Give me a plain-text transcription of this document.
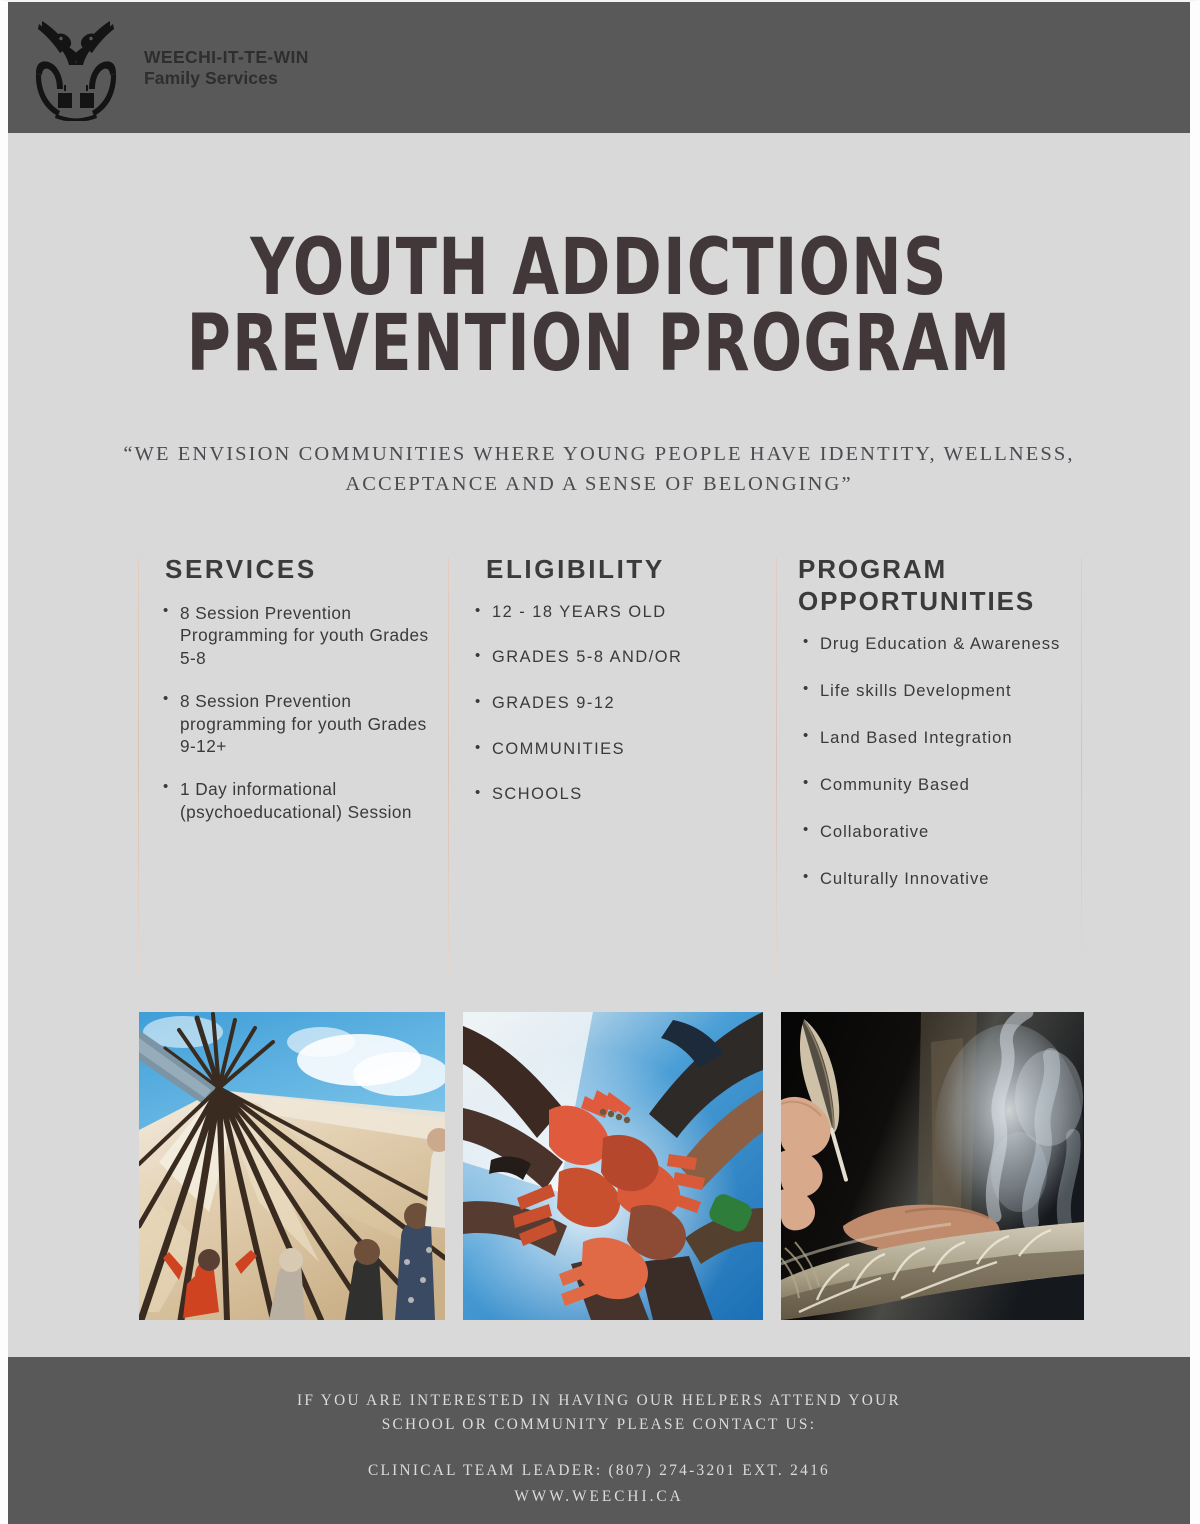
WEECHI-IT-TE-WIN
Family Services
YOUTH ADDICTIONS
PREVENTION PROGRAM

“WE ENVISION COMMUNITIES WHERE YOUNG PEOPLE HAVE IDENTITY, WELLNESS, ACCEPTANCE AND A SENSE OF BELONGING”

SERVICES
• 8 Session Prevention Programming for youth Grades 5-8
• 8 Session Prevention programming for youth Grades 9-12+
• 1 Day informational (psychoeducational) Session
ELIGIBILITY
• 12 - 18 YEARS OLD
• GRADES 5-8 AND/OR
• GRADES 9-12
• COMMUNITIES
• SCHOOLS
PROGRAM OPPORTUNITIES
• Drug Education & Awareness
• Life skills Development
• Land Based Integration
• Community Based
• Collaborative
• Culturally Innovative

IF YOU ARE INTERESTED IN HAVING OUR HELPERS ATTEND YOUR

SCHOOL OR COMMUNITY PLEASE CONTACT US:

CLINICAL TEAM LEADER: (807) 274-3201 EXT. 2416

WWW.WEECHI.CA
